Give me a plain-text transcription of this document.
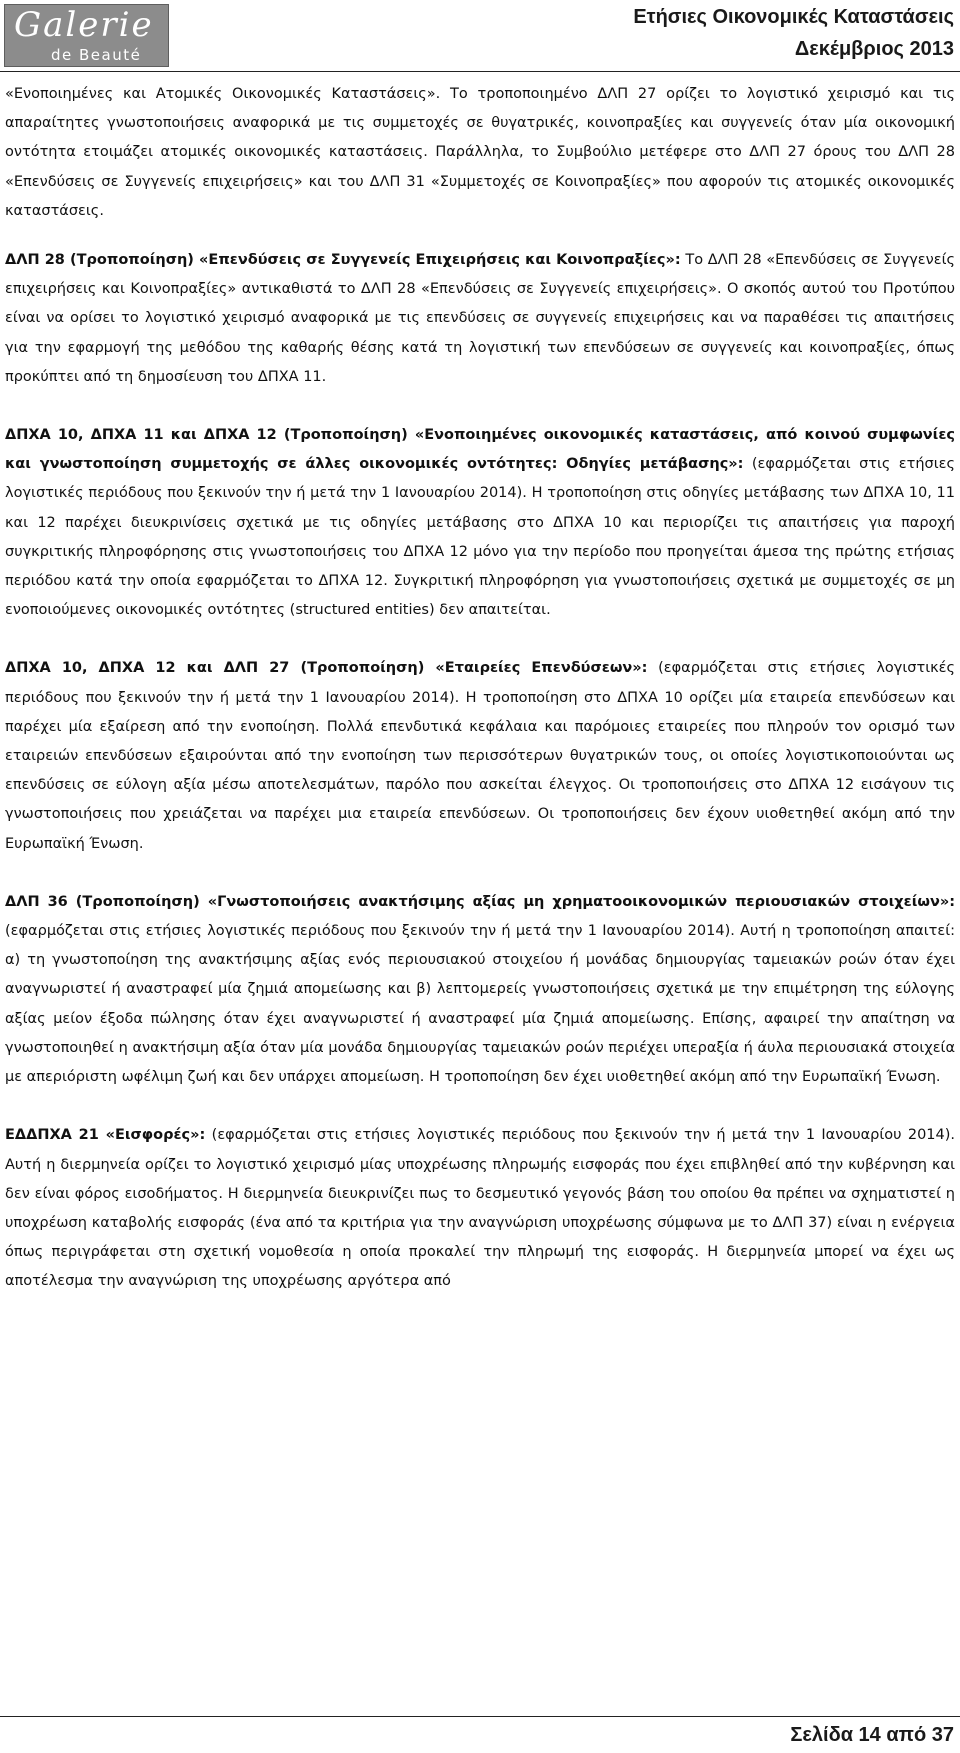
Galerie
de Beauté
Ετήσιες Οικονομικές Καταστάσεις
Δεκέμβριος 2013

«Ενοποιημένες και Ατομικές Οικονομικές Καταστάσεις». Το τροποποιημένο ΔΛΠ 27 ορίζει το λογιστικό χειρισμό και τις απαραίτητες γνωστοποιήσεις αναφορικά με τις συμμετοχές σε θυγατρικές, κοινοπραξίες και συγγενείς όταν μία οικονομική οντότητα ετοιμάζει ατομικές οικονομικές καταστάσεις. Παράλληλα, το Συμβούλιο μετέφερε στο ΔΛΠ 27 όρους του ΔΛΠ 28 «Επενδύσεις σε Συγγενείς επιχειρήσεις» και του ΔΛΠ 31 «Συμμετοχές σε Κοινοπραξίες» που αφορούν τις ατομικές οικονομικές καταστάσεις.

ΔΛΠ 28 (Τροποποίηση) «Επενδύσεις σε Συγγενείς Επιχειρήσεις και Κοινοπραξίες»: Το ΔΛΠ 28 «Επενδύσεις σε Συγγενείς επιχειρήσεις και Κοινοπραξίες» αντικαθιστά το ΔΛΠ 28 «Επενδύσεις σε Συγγενείς επιχειρήσεις». Ο σκοπός αυτού του Προτύπου είναι να ορίσει το λογιστικό χειρισμό αναφορικά με τις επενδύσεις σε συγγενείς επιχειρήσεις και να παραθέσει τις απαιτήσεις για την εφαρμογή της μεθόδου της καθαρής θέσης κατά τη λογιστική των επενδύσεων σε συγγενείς και κοινοπραξίες, όπως προκύπτει από τη δημοσίευση του ΔΠΧΑ 11.

ΔΠΧΑ 10, ΔΠΧΑ 11 και ΔΠΧΑ 12 (Τροποποίηση) «Ενοποιημένες οικονομικές καταστάσεις, από κοινού συμφωνίες και γνωστοποίηση συμμετοχής σε άλλες οικονομικές οντότητες: Οδηγίες μετάβασης»: (εφαρμόζεται στις ετήσιες λογιστικές περιόδους που ξεκινούν την ή μετά την 1 Ιανουαρίου 2014). Η τροποποίηση στις οδηγίες μετάβασης των ΔΠΧΑ 10, 11 και 12 παρέχει διευκρινίσεις σχετικά με τις οδηγίες μετάβασης στο ΔΠΧΑ 10 και περιορίζει τις απαιτήσεις για παροχή συγκριτικής πληροφόρησης στις γνωστοποιήσεις του ΔΠΧΑ 12 μόνο για την περίοδο που προηγείται άμεσα της πρώτης ετήσιας περιόδου κατά την οποία εφαρμόζεται το ΔΠΧΑ 12. Συγκριτική πληροφόρηση για γνωστοποιήσεις σχετικά με συμμετοχές σε μη ενοποιούμενες οικονομικές οντότητες (structured entities) δεν απαιτείται.

ΔΠΧΑ 10, ΔΠΧΑ 12 και ΔΛΠ 27 (Τροποποίηση) «Εταιρείες Επενδύσεων»: (εφαρμόζεται στις ετήσιες λογιστικές περιόδους που ξεκινούν την ή μετά την 1 Ιανουαρίου 2014). Η τροποποίηση στο ΔΠΧΑ 10 ορίζει μία εταιρεία επενδύσεων και παρέχει μία εξαίρεση από την ενοποίηση. Πολλά επενδυτικά κεφάλαια και παρόμοιες εταιρείες που πληρούν τον ορισμό των εταιρειών επενδύσεων εξαιρούνται από την ενοποίηση των περισσότερων θυγατρικών τους, οι οποίες λογιστικοποιούνται ως επενδύσεις σε εύλογη αξία μέσω αποτελεσμάτων, παρόλο που ασκείται έλεγχος. Οι τροποποιήσεις στο ΔΠΧΑ 12 εισάγουν τις γνωστοποιήσεις που χρειάζεται να παρέχει μια εταιρεία επενδύσεων. Οι τροποποιήσεις δεν έχουν υιοθετηθεί ακόμη από την Ευρωπαϊκή Ένωση.

ΔΛΠ 36 (Τροποποίηση) «Γνωστοποιήσεις ανακτήσιμης αξίας μη χρηματοοικονομικών περιουσιακών στοιχείων»: (εφαρμόζεται στις ετήσιες λογιστικές περιόδους που ξεκινούν την ή μετά την 1 Ιανουαρίου 2014). Αυτή η τροποποίηση απαιτεί: α) τη γνωστοποίηση της ανακτήσιμης αξίας ενός περιουσιακού στοιχείου ή μονάδας δημιουργίας ταμειακών ροών όταν έχει αναγνωριστεί ή αναστραφεί μία ζημιά απομείωσης και β) λεπτομερείς γνωστοποιήσεις σχετικά με την επιμέτρηση της εύλογης αξίας μείον έξοδα πώλησης όταν έχει αναγνωριστεί ή αναστραφεί μία ζημιά απομείωσης. Επίσης, αφαιρεί την απαίτηση να γνωστοποιηθεί η ανακτήσιμη αξία όταν μία μονάδα δημιουργίας ταμειακών ροών περιέχει υπεραξία ή άυλα περιουσιακά στοιχεία με απεριόριστη ωφέλιμη ζωή και δεν υπάρχει απομείωση. Η τροποποίηση δεν έχει υιοθετηθεί ακόμη από την Ευρωπαϊκή Ένωση.

ΕΔΔΠΧΑ 21 «Εισφορές»: (εφαρμόζεται στις ετήσιες λογιστικές περιόδους που ξεκινούν την ή μετά την 1 Ιανουαρίου 2014). Αυτή η διερμηνεία ορίζει το λογιστικό χειρισμό μίας υποχρέωσης πληρωμής εισφοράς που έχει επιβληθεί από την κυβέρνηση και δεν είναι φόρος εισοδήματος. Η διερμηνεία διευκρινίζει πως το δεσμευτικό γεγονός βάση του οποίου θα πρέπει να σχηματιστεί η υποχρέωση καταβολής εισφοράς (ένα από τα κριτήρια για την αναγνώριση υποχρέωσης σύμφωνα με το ΔΛΠ 37) είναι η ενέργεια όπως περιγράφεται στη σχετική νομοθεσία η οποία προκαλεί την πληρωμή της εισφοράς. Η διερμηνεία μπορεί να έχει ως αποτέλεσμα την αναγνώριση της υποχρέωσης αργότερα από

Σελίδα 14 από 37
